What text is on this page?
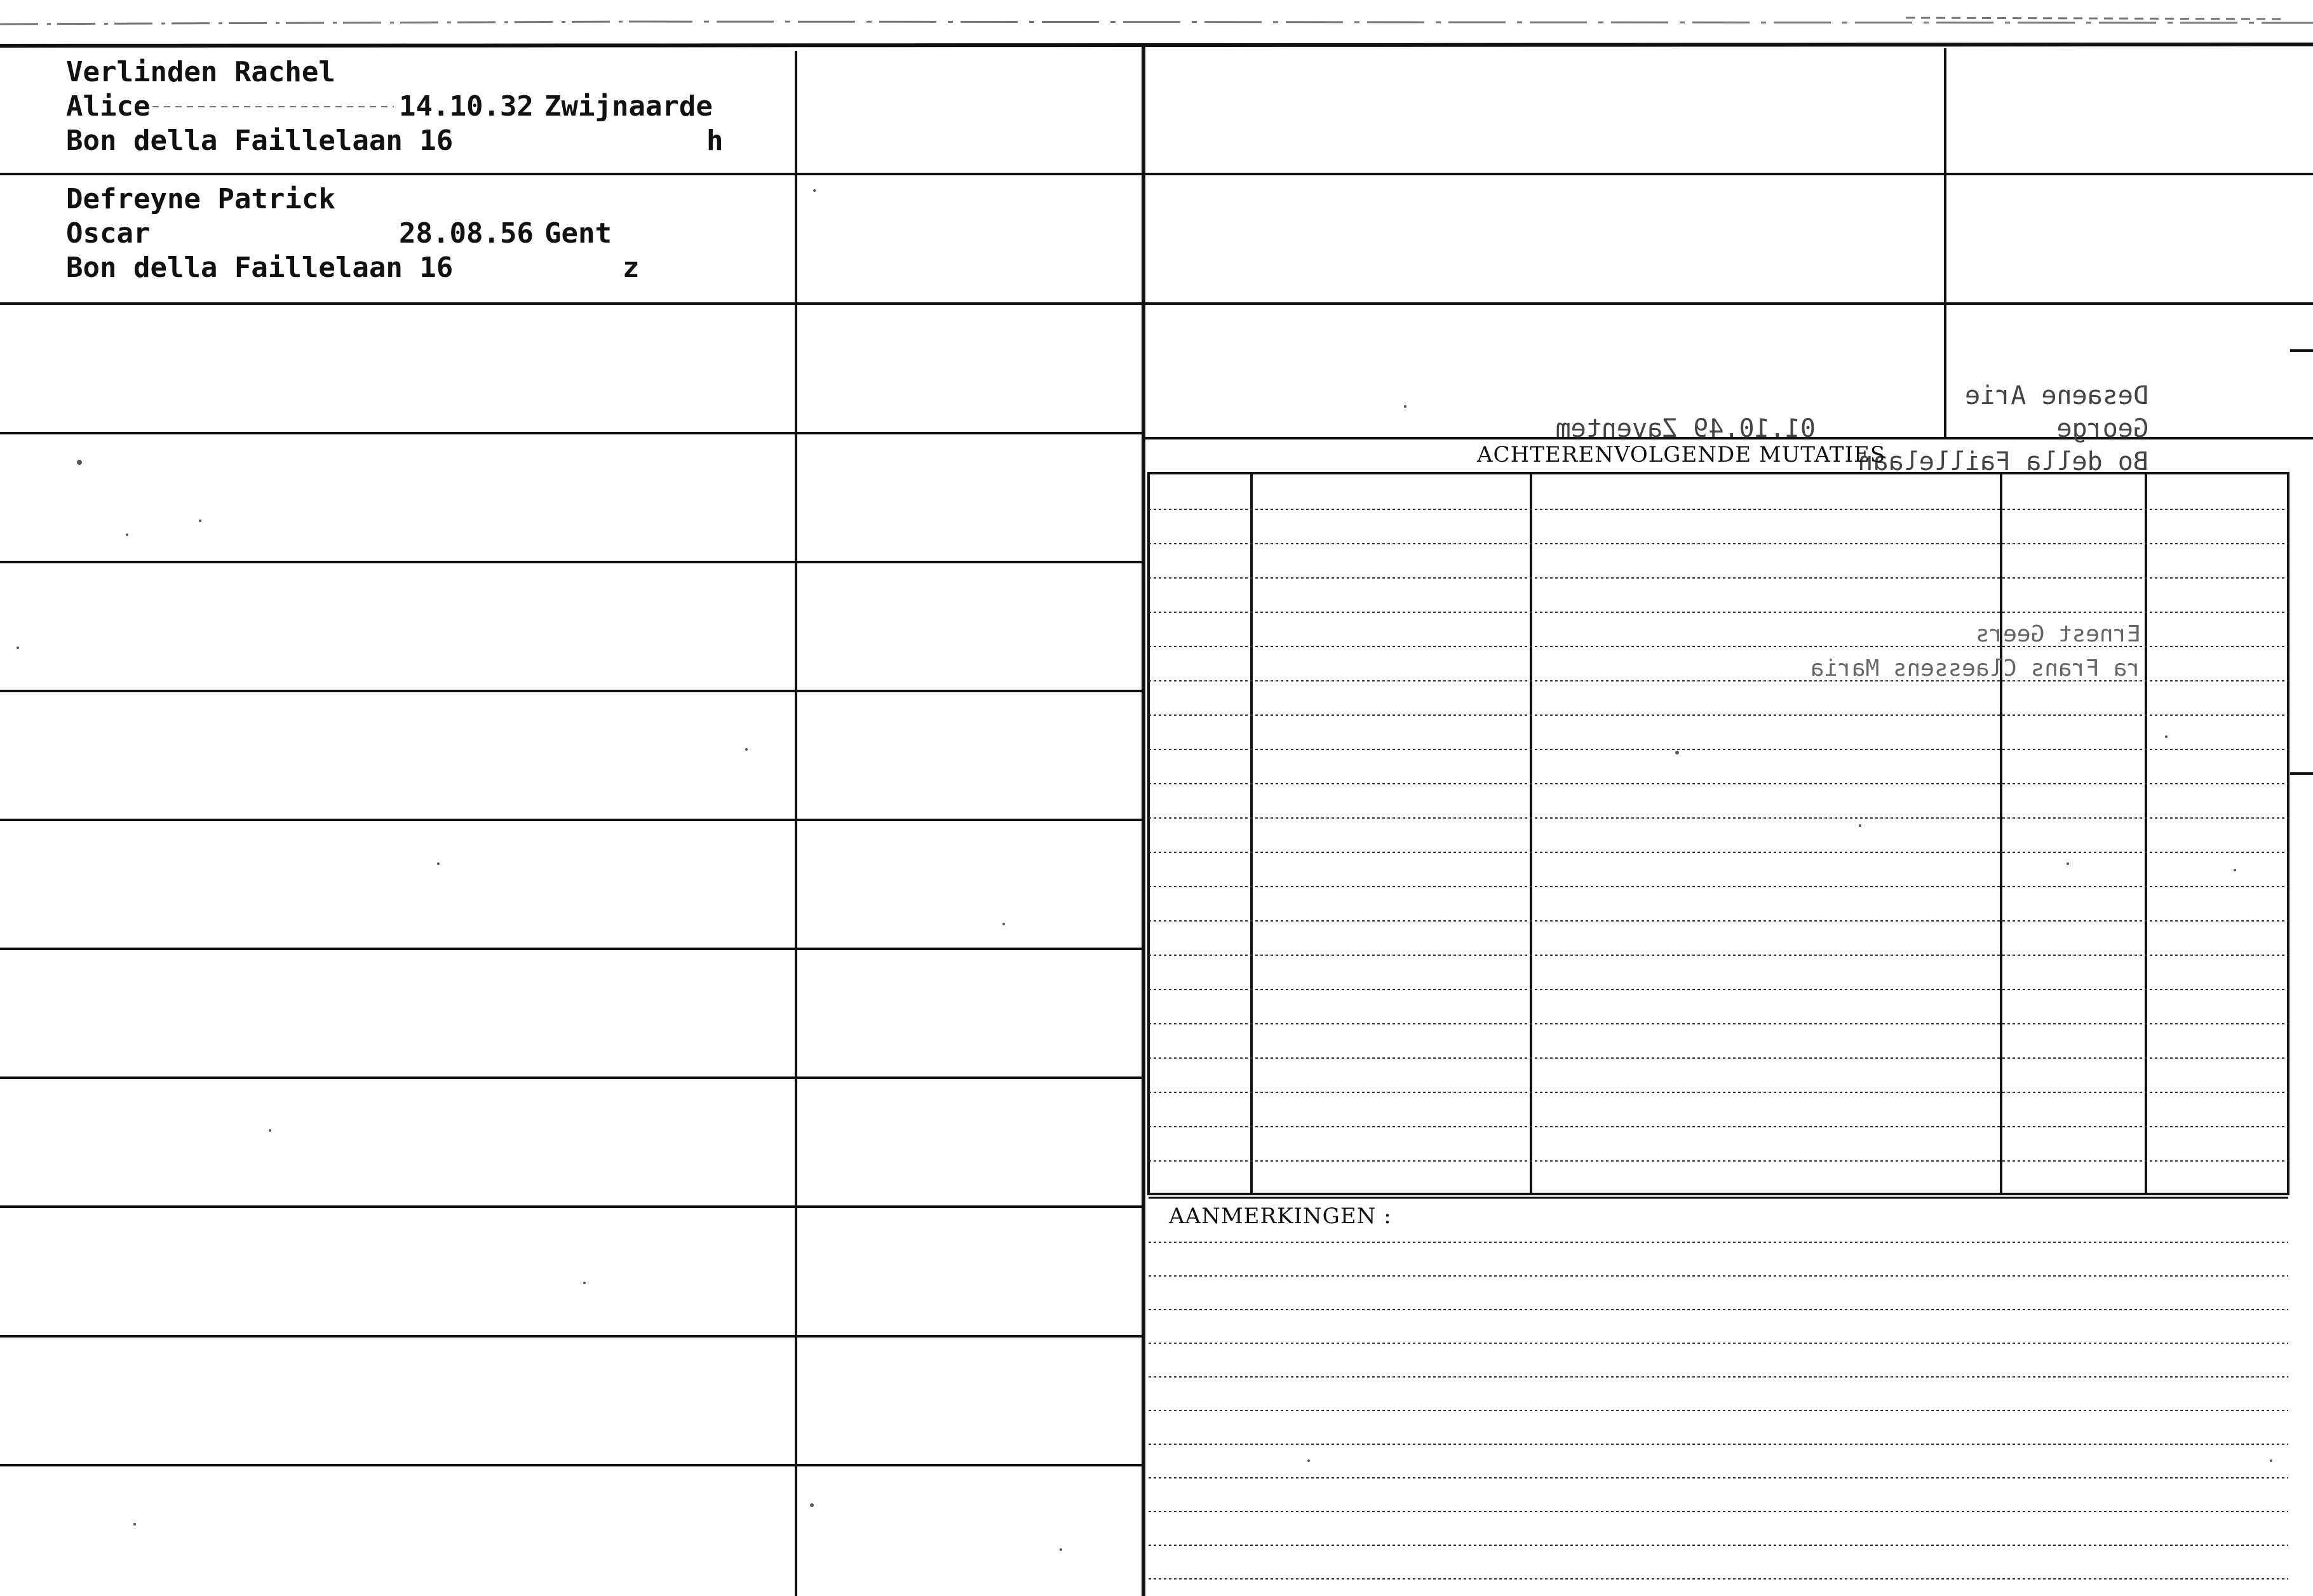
Verlinden Rachel
Alice	14.10.32 Zwijnaarde
Bon della Faillelaan 16	h
Defreyne Patrick
Oscar	28.08.56 Gent
Bon della Faillelaan 16	z
Desaene Arie
George
Bo della Faillelaan
01.10.49 Zaventem
ACHTERENVOLGENDE MUTATIES
Ernest Geers
ra Frans Claessens Maria
AANMERKINGEN :
